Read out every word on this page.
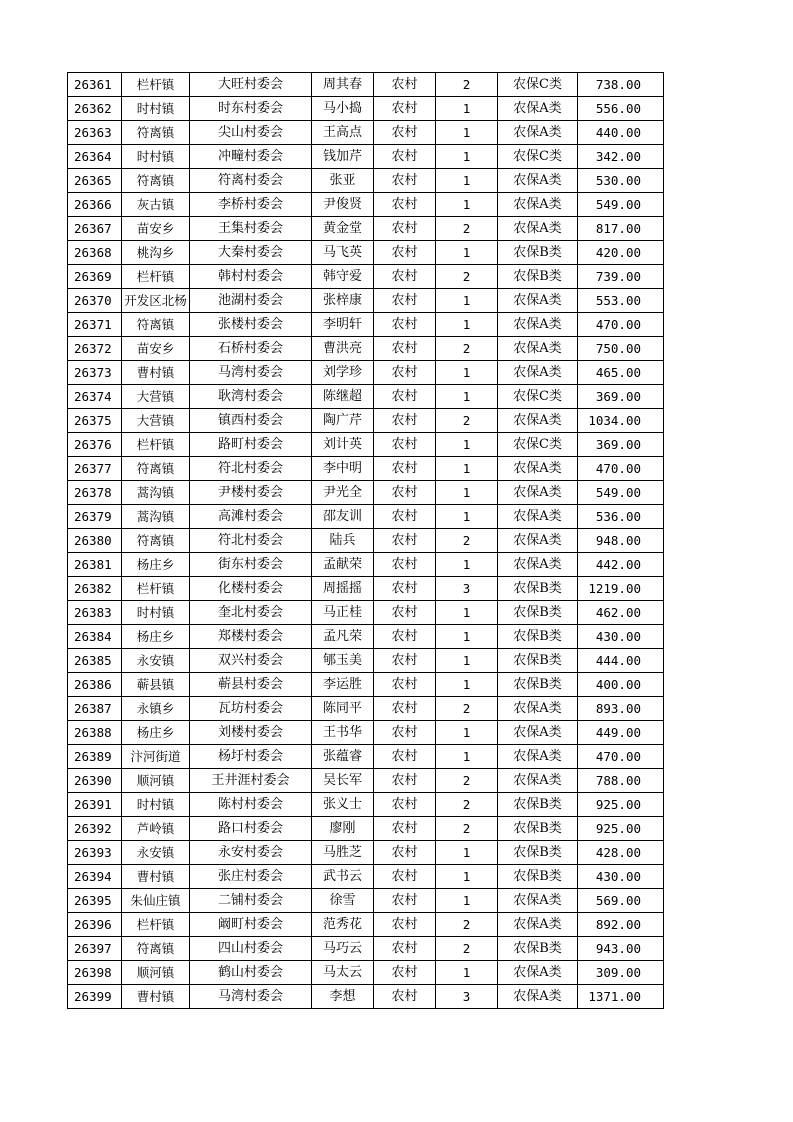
26361	栏杆镇	大旺村委会	周其春	农村	2	农保C类	738.00
26362	时村镇	时东村委会	马小捣	农村	1	农保A类	556.00
26363	符离镇	尖山村委会	王高点	农村	1	农保A类	440.00
26364	时村镇	冲疃村委会	钱加芹	农村	1	农保C类	342.00
26365	符离镇	符离村委会	张亚	农村	1	农保A类	530.00
26366	灰古镇	李桥村委会	尹俊贤	农村	1	农保A类	549.00
26367	苗安乡	王集村委会	黄金堂	农村	2	农保A类	817.00
26368	桃沟乡	大秦村委会	马飞英	农村	1	农保B类	420.00
26369	栏杆镇	韩村村委会	韩守爱	农村	2	农保B类	739.00
26370	开发区北杨	池湖村委会	张梓康	农村	1	农保A类	553.00
26371	符离镇	张楼村委会	李明轩	农村	1	农保A类	470.00
26372	苗安乡	石桥村委会	曹洪亮	农村	2	农保A类	750.00
26373	曹村镇	马湾村委会	刘学珍	农村	1	农保A类	465.00
26374	大营镇	耿湾村委会	陈继超	农村	1	农保C类	369.00
26375	大营镇	镇西村委会	陶广芹	农村	2	农保A类	1034.00
26376	栏杆镇	路町村委会	刘计英	农村	1	农保C类	369.00
26377	符离镇	符北村委会	李中明	农村	1	农保A类	470.00
26378	蒿沟镇	尹楼村委会	尹光全	农村	1	农保A类	549.00
26379	蒿沟镇	高滩村委会	邵友训	农村	1	农保A类	536.00
26380	符离镇	符北村委会	陆兵	农村	2	农保A类	948.00
26381	杨庄乡	街东村委会	孟献荣	农村	1	农保A类	442.00
26382	栏杆镇	化楼村委会	周摇摇	农村	3	农保B类	1219.00
26383	时村镇	奎北村委会	马正桂	农村	1	农保B类	462.00
26384	杨庄乡	郑楼村委会	孟凡荣	农村	1	农保B类	430.00
26385	永安镇	双兴村委会	郇玉美	农村	1	农保B类	444.00
26386	蕲县镇	蕲县村委会	李运胜	农村	1	农保B类	400.00
26387	永镇乡	瓦坊村委会	陈同平	农村	2	农保A类	893.00
26388	杨庄乡	刘楼村委会	王书华	农村	1	农保A类	449.00
26389	汴河街道	杨圩村委会	张蕴睿	农村	1	农保A类	470.00
26390	顺河镇	王井涯村委会	吴长军	农村	2	农保A类	788.00
26391	时村镇	陈村村委会	张义士	农村	2	农保B类	925.00
26392	芦岭镇	路口村委会	廖刚	农村	2	农保B类	925.00
26393	永安镇	永安村委会	马胜芝	农村	1	农保B类	428.00
26394	曹村镇	张庄村委会	武书云	农村	1	农保B类	430.00
26395	朱仙庄镇	二铺村委会	徐雪	农村	1	农保A类	569.00
26396	栏杆镇	阚町村委会	范秀花	农村	2	农保A类	892.00
26397	符离镇	四山村委会	马巧云	农村	2	农保B类	943.00
26398	顺河镇	鹤山村委会	马太云	农村	1	农保A类	309.00
26399	曹村镇	马湾村委会	李想	农村	3	农保A类	1371.00
